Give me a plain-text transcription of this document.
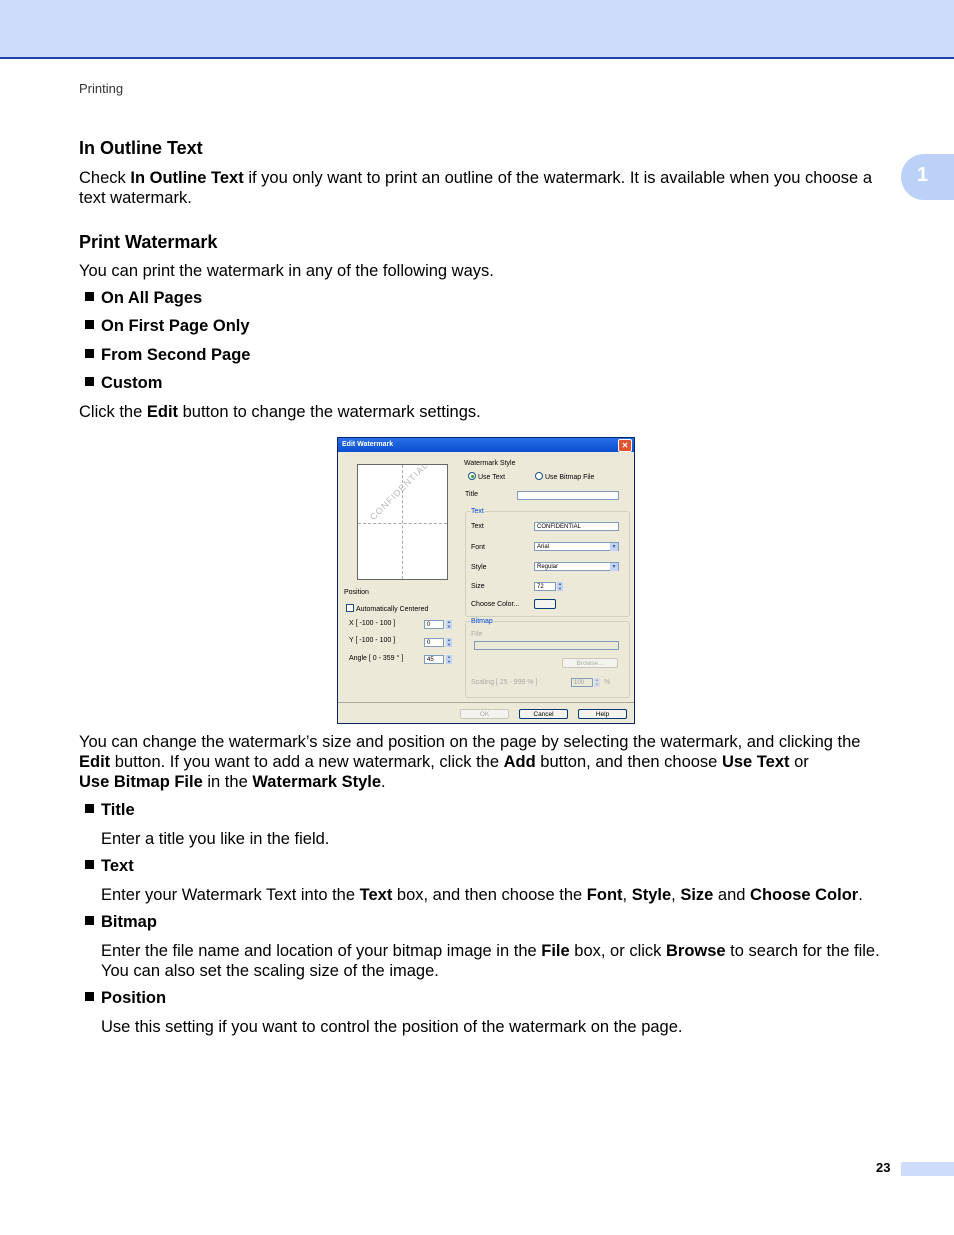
Printing
1
In Outline Text
Check In Outline Text if you only want to print an outline of the watermark. It is available when you choose a text watermark.
Print Watermark
You can print the watermark in any of the following ways.
On All Pages
On First Page Only
From Second Page
Custom
Click the Edit button to change the watermark settings.
Edit Watermark	✕
CONFIDENTIAL
Position
Automatically Centered
X [ -100 - 100 ]	0
▲
▼
Y [ -100 - 100 ]	0
▲
▼
Angle [ 0 - 359 ° ]	45
▲
▼
Watermark Style
Use Text	Use Bitmap File
Title
Text
Text	CONFIDENTIAL
Font	Arial	▾
Style	Regular	▾
Size	72
▲
▼
Choose Color...
Bitmap
File
Browse...
Scaling [ 25 - 999 % ]	100
▲
▼ %
OK	Cancel	Help
You can change the watermark’s size and position on the page by selecting the watermark, and clicking the Edit button. If you want to add a new watermark, click the Add button, and then choose Use Text or
Use Bitmap File in the Watermark Style.
Title
Enter a title you like in the field.
Text
Enter your Watermark Text into the Text box, and then choose the Font, Style, Size and Choose Color.
Bitmap
Enter the file name and location of your bitmap image in the File box, or click Browse to search for the file. You can also set the scaling size of the image.
Position
Use this setting if you want to control the position of the watermark on the page.
23
